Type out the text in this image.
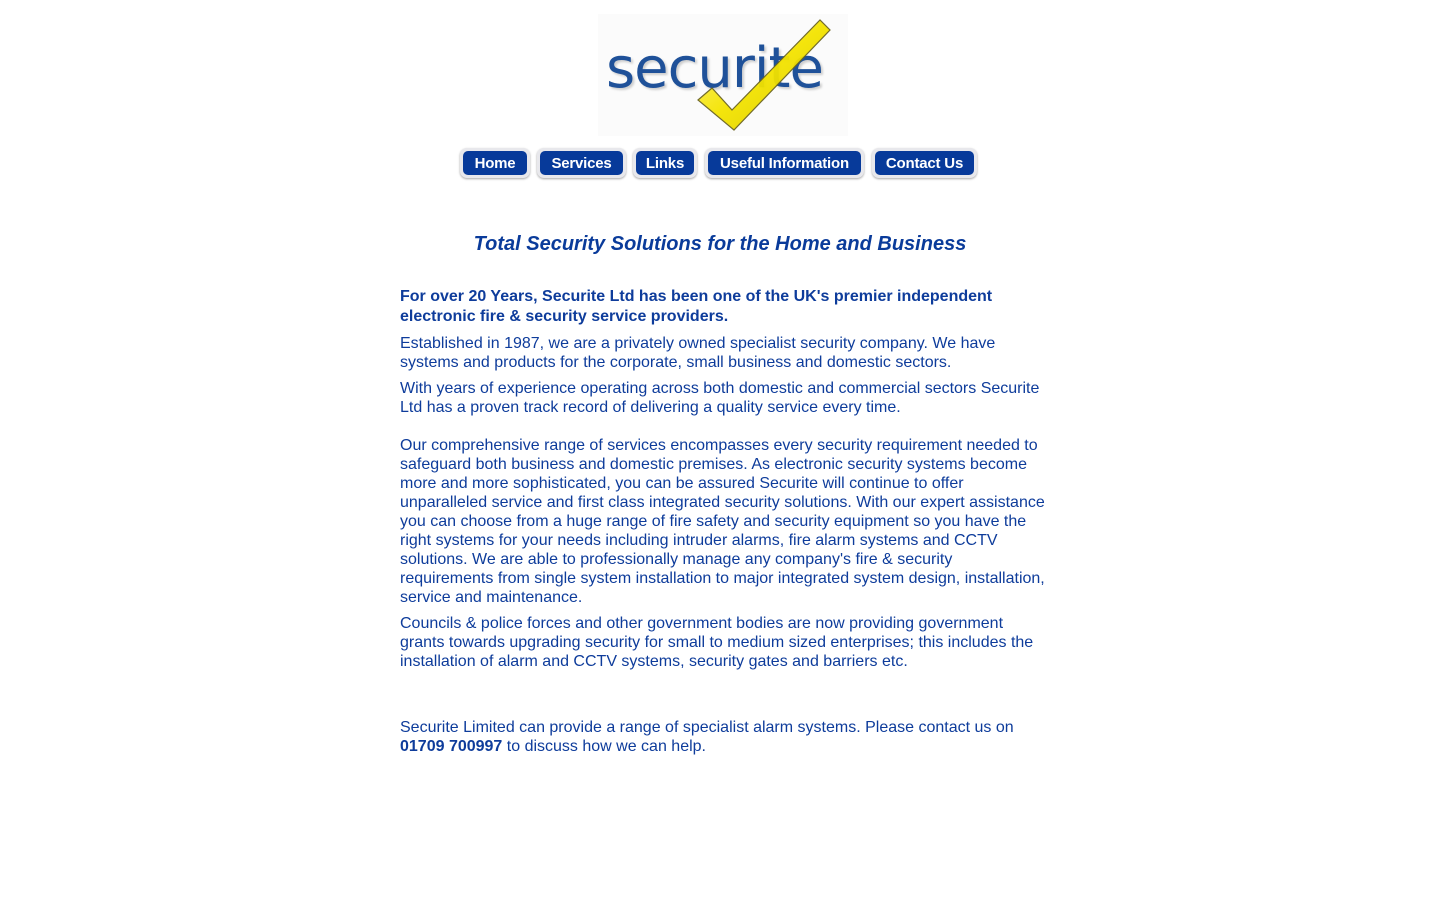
securite
Home	Services	Links	Useful Information	Contact Us
Total Security Solutions for the Home and Business

For over 20 Years, Securite Ltd has been one of the UK's premier independent electronic fire & security service providers.

Established in 1987, we are a privately owned specialist security company. We have systems and products for the corporate, small business and domestic sectors.

With years of experience operating across both domestic and commercial sectors Securite Ltd has a proven track record of delivering a quality service every time.

Our comprehensive range of services encompasses every security requirement needed to safeguard both business and domestic premises. As electronic security systems become more and more sophisticated, you can be assured Securite will continue to offer unparalleled service and first class integrated security solutions. With our expert assistance you can choose from a huge range of fire safety and security equipment so you have the right systems for your needs including intruder alarms, fire alarm systems and CCTV solutions. We are able to professionally manage any company's fire & security requirements from single system installation to major integrated system design, installation, service and maintenance.

Councils & police forces and other government bodies are now providing government grants towards upgrading security for small to medium sized enterprises; this includes the installation of alarm and CCTV systems, security gates and barriers etc.

Securite Limited can provide a range of specialist alarm systems. Please contact us on 01709 700997 to discuss how we can help.
